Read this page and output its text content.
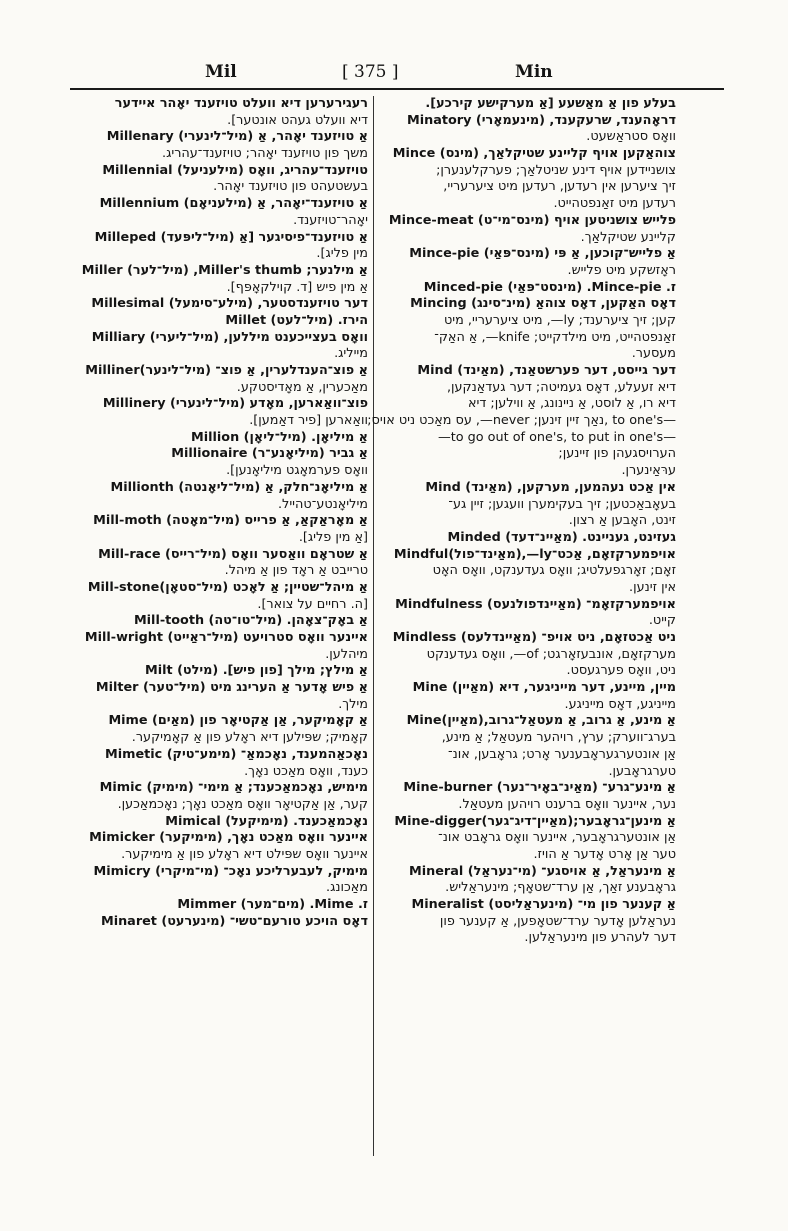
Mil	[ 375 ]	Min
רעגירערען דיא וועלט טויזענד יאָהר איידער
דיא וועלט געהט אונטער].
אַ טויזענד יאָהר, אַ (מיל־לינערי) Millenary
משך פון טויזענד יאָהר; טויזענד־עהריג.
טויזענד־עהריג, וואָס (מילעניעל) Millennial
בעשטעהט פון טויזענד יאָהר.
אַ טויזענד־יאָהר, אַ (מילעניאָם) Millennium
יאָהר־טויזענד.
אַ טויזענד־פיסיגער [אַ (מיל־ליפּעד) Milleped
מין פליג].
אַ מילנער; Miller's thumb, (מיל־לער) Miller
אַ מין פיש [ד. קוילקאָפּף].
דער טויזענדסטער, (מילע־סימעל) Millesimal
הירז. (מיל־לעט) Millet
וואָס בעצייכענט מיללען, (מיל־ליערי) Milliary
מייליג.
אַ פוצ־הענדלערין, אַ פוצ־ (מיל־לינער)Milliner
מאַכערין, אַ מאָדיסטקע.
פוצ־וואַארען, מאָדע (מיל־לינערי) Millinery
וואַארען [פיר דאַמען].
אַ מיליאָן. (מיל־ליאָן) Million
אַ גביר (מיליאָנע־ר) Millionaire
וואָס פערמאָגט מיליאָנען].
אַ מיליאָנ־חלק, אַ (מיל־ליאָנטה) Millionth
מיליאָנטע־טהייל.
אַ מאָראַקאַ, אַ פרייס (מיל־מאָטה) Mill-moth
[אַ מין פליג].
אַ שטראָם וואַסער וואָס (מיל־רייס) Mill-race
טרייבט אַ ראָד פון אַ מיהל.
אַ מיהל־שטיין; אַ לאָכט (מיל־סטאָן)Mill-stone
[ה. רחיים על צואר].
אַ באָק־צאָהן. (מיל־טו־טה) Mill-tooth
איינער וואָס סטרויעט (מיל־ראַייט) Mill-wright
מיהלען.
אַ מילץ; מילך [פון פיש]. (מילט) Milt
אַ פיש אָדער אַ הערינג מיט (מיל־טער) Milter
מילך.
אַ קאָמיקער, אַן אַקטיאָר פון (מאַים) Mime
קאָמיק; שפּילען דיא ראָלע פון אַ קאָמיקער.
נאָכאַהמענד, נאָכמאַ־ (מימע־טיק) Mimetic
כענד, וואָס מאַכט נאָך.
מימיש, נאָכמאַכענד; אַ מימי־ (מימיק) Mimic
קער, אַן אַקטיאָר וואָס מאַכט נאָך; נאָכמאַכען.
נאָכמאַכענד. (מימיקעל) Mimical
איינער וואָס מאַכט נאָך, (מימיקער) Mimicker
איינער וואָס שפּילט דיא ראָלע פון אַ מימיקער.
מימיק, לעבערליכע נאָכ־ (מי־מיקרי) Mimicry
מאַכונג.
ז. Mime. (מים־מער) Mimmer
דאָס הויכע טורעם־טשי־ (מינערעט) Minaret
בעלע פון אַ מאַשעע [אַ מערקישע קירכע].
דראָהענד, שרעקענד, (מינעמאָרי) Minatory
וואָס סטראַשעט.
צוהאַקען אויף קליינע שטיקלאַך, (מינס) Mince
צושניידען אויף דינע שניטלאַך; פערקלענערן;
זיך ציערען אין רעדען, רעדען מיט ציערעריי,
רעדען מיט זאַנפטהייט.
פלייש צושניטען אויף (מינס־מי־ט) Mince-meat
קליינע שטיקלאַך.
אַ פלייש־קוכען, אַ פּי (מינס־פּאַי) Mince-pie
ראָזשקע מיט פלייש.
ז. Mince-pie. (מינסט־פּאַי) Minced-pie
דאָס האַקען, דאָס צוהאַ (מינ־סינג) Mincing
קען; זיך ציערענד; ly—, מיט ציערעריי, מיט
זאַנפטהייט, מיט מילדקייט; knife—, אַ האַק־
מעסער.
דער גייסט, דער פערשטאַנד, (מאַינד) Mind
דיא זעעלע, דאָס געמיטה; דער געדאַנקען,
דיא רו, אַ לוסט, אַ ניינונג, אַ ווילען; דיא
—to one's ,נאַך זיין זינען; never—, עס מאַכט ניט אויס;
—to go out of one's, to put in one's—
הערויסגעהן פון זיינען;
ערּאַינערן.
אין אַכט נעהמען, מערקען, (מאַינד) Mind
בעאָבאַכטען; זיך בעקימערן וועגען; זיין גע־
זינט, האָבען אַ רצון.
געזינט, געניינט. (מאַיינ־דעד) Minded
אויפמערקזאָם, אַכט־ly—,(מאַינד־פול)Mindful
זאָם; זאָרגפעלטיג; וואָס געדענקט, וואָס האָט
אין זינען.
אויפמערקזאָמ־ (מאַיינדפולנעס) Mindfulness
קייט.
ניט אַכטזאָם, ניט אויפ־ (מאַיינדלעס) Mindless
מערקזאָם, אונבעזאָרגט; of—, וואָס געדענקט
ניט, וואָס פערגעסט.
מיין, מיינע, דער מייניגער, דיא (מאַיין) Mine
מייניגע, דאָס מייניגע.
אַ מינע, אַ גרוב, אַ מעטאַל־גרוב,(מאַיין)Mine
בערג־ווערק; ערץ, רויהער מעטאַל; אַ מינע,
אַן אונטערגעראָבענער אָרט; גראָבען, אונ־
טערגראָבען.
אַ מינע־גרע־ (מאַינ־באָיר־נער) Mine-burner
נער, איינער וואָס ברענט רויהען מעטאַל.
אַ מינען־גראָבער;(מאַיין־דיג־גער)Mine-digger
אַן אונטערגראָבער, איינער וואָס גראָבט אונ־
טער אַן אָרט אָדער אַ הויז.
אַ מינעראַל, אַ אויסגע־ (מי־נעראַל) Mineral
גראָבענע זאַך, אַן ערד־שטאָף; מינעראַליש.
אַ קענער פון מי־ (מינעראַליסט) Mineralist
נעראַלען אָדער ערד־שטאָפען, אַ קענער פון
דער לעהרע פון מינעראַלען.
